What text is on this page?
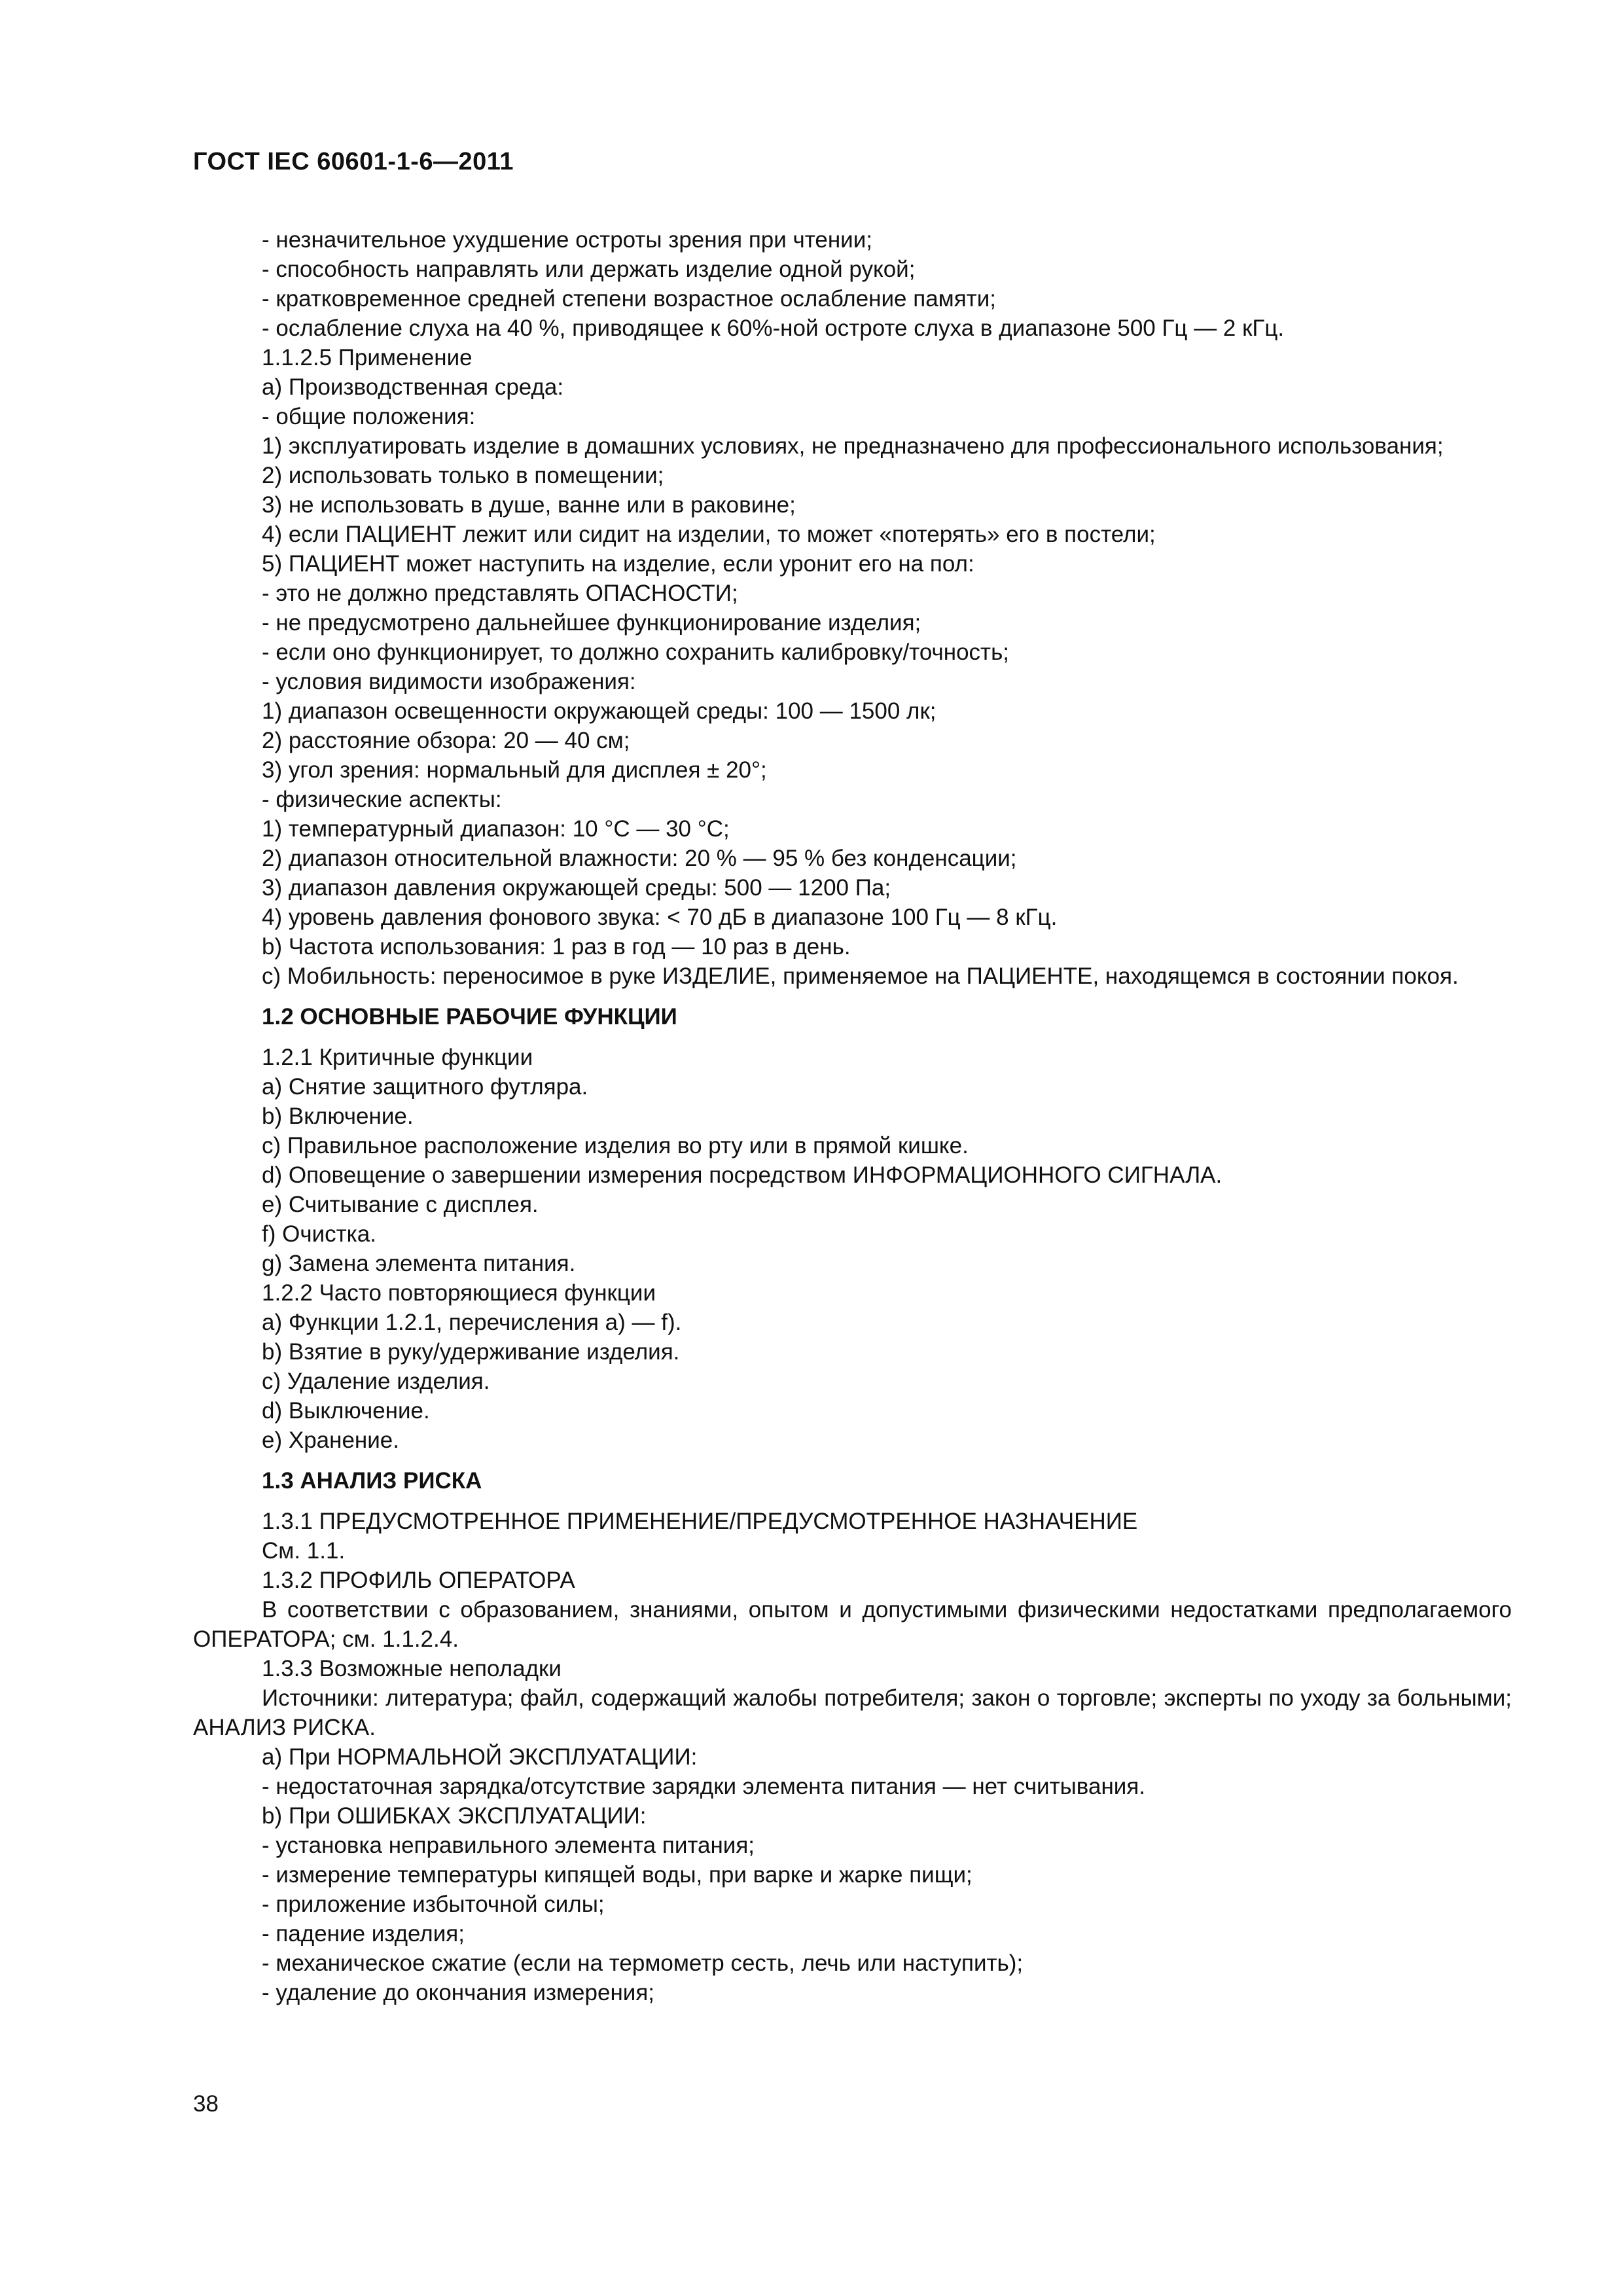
ГОСТ IEC 60601-1-6—2011
- незначительное ухудшение остроты зрения при чтении;
- способность направлять или держать изделие одной рукой;
- кратковременное средней степени возрастное ослабление памяти;
- ослабление слуха на 40 %, приводящее к 60%-ной остроте слуха в диапазоне 500 Гц — 2 кГц.
1.1.2.5 Применение
а) Производственная среда:
- общие положения:
1) эксплуатировать изделие в домашних условиях, не предназначено для профессионального использования;
2) использовать только в помещении;
3) не использовать в душе, ванне или в раковине;
4) если ПАЦИЕНТ лежит или сидит на изделии, то может «потерять» его в постели;
5) ПАЦИЕНТ может наступить на изделие, если уронит его на пол:
- это не должно представлять ОПАСНОСТИ;
- не предусмотрено дальнейшее функционирование изделия;
- если оно функционирует, то должно сохранить калибровку/точность;
- условия видимости изображения:
1) диапазон освещенности окружающей среды: 100 — 1500 лк;
2) расстояние обзора: 20 — 40 см;
3) угол зрения: нормальный для дисплея ± 20°;
- физические аспекты:
1) температурный диапазон: 10 °С — 30 °С;
2) диапазон относительной влажности: 20 % — 95 % без конденсации;
3) диапазон давления окружающей среды: 500 — 1200 Па;
4) уровень давления фонового звука: < 70 дБ в диапазоне 100 Гц — 8 кГц.
b) Частота использования: 1 раз в год — 10 раз в день.
с) Мобильность: переносимое в руке ИЗДЕЛИЕ, применяемое на ПАЦИЕНТЕ, находящемся в состоянии покоя.
1.2 ОСНОВНЫЕ РАБОЧИЕ ФУНКЦИИ
1.2.1 Критичные функции
а) Снятие защитного футляра.
b) Включение.
с) Правильное расположение изделия во рту или в прямой кишке.
d) Оповещение о завершении измерения посредством ИНФОРМАЦИОННОГО СИГНАЛА.
е) Считывание с дисплея.
f) Очистка.
g) Замена элемента питания.
1.2.2 Часто повторяющиеся функции
а) Функции 1.2.1, перечисления а) — f).
b) Взятие в руку/удерживание изделия.
с) Удаление изделия.
d) Выключение.
е) Хранение.
1.3 АНАЛИЗ РИСКА
1.3.1 ПРЕДУСМОТРЕННОЕ ПРИМЕНЕНИЕ/ПРЕДУСМОТРЕННОЕ НАЗНАЧЕНИЕ
См. 1.1.
1.3.2 ПРОФИЛЬ ОПЕРАТОРА
В соответствии с образованием, знаниями, опытом и допустимыми физическими недостатками предполагаемого ОПЕРАТОРА; см. 1.1.2.4.
1.3.3 Возможные неполадки
Источники: литература; файл, содержащий жалобы потребителя; закон о торговле; эксперты по уходу за больными; АНАЛИЗ РИСКА.
а) При НОРМАЛЬНОЙ ЭКСПЛУАТАЦИИ:
- недостаточная зарядка/отсутствие зарядки элемента питания — нет считывания.
b) При ОШИБКАХ ЭКСПЛУАТАЦИИ:
- установка неправильного элемента питания;
- измерение температуры кипящей воды, при варке и жарке пищи;
- приложение избыточной силы;
- падение изделия;
- механическое сжатие (если на термометр сесть, лечь или наступить);
- удаление до окончания измерения;
38
